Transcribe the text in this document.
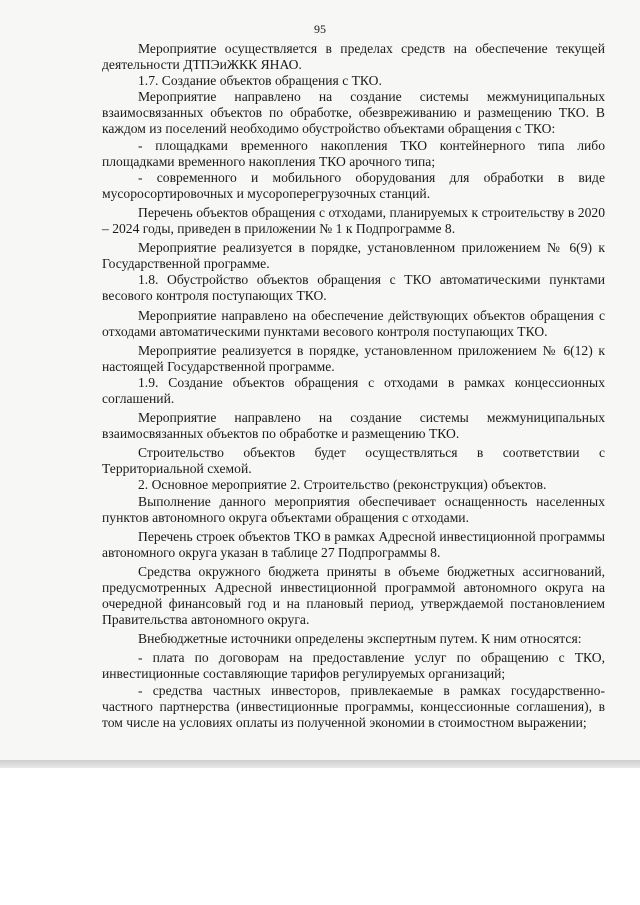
95

Мероприятие осуществляется в пределах средств на обеспечение текущей деятельности ДТПЭиЖКК ЯНАО.

1.7. Создание объектов обращения с ТКО.

Мероприятие направлено на создание системы межмуниципальных взаимосвязанных объектов по обработке, обезвреживанию и размещению ТКО. В каждом из поселений необходимо обустройство объектами обращения с ТКО:

- площадками временного накопления ТКО контейнерного типа либо площадками временного накопления ТКО арочного типа;

- современного и мобильного оборудования для обработки в виде мусоросортировочных и мусороперегрузочных станций.

Перечень объектов обращения с отходами, планируемых к строительству в 2020 – 2024 годы, приведен в приложении № 1 к Подпрограмме 8.

Мероприятие реализуется в порядке, установленном приложением № 6(9) к Государственной программе.

1.8. Обустройство объектов обращения с ТКО автоматическими пунктами весового контроля поступающих ТКО.

Мероприятие направлено на обеспечение действующих объектов обращения с отходами автоматическими пунктами весового контроля поступающих ТКО.

Мероприятие реализуется в порядке, установленном приложением № 6(12) к настоящей Государственной программе.

1.9. Создание объектов обращения с отходами в рамках концессионных соглашений.

Мероприятие направлено на создание системы межмуниципальных взаимосвязанных объектов по обработке и размещению ТКО.

Строительство объектов будет осуществляться в соответствии с Территориальной схемой.

2. Основное мероприятие 2. Строительство (реконструкция) объектов.

Выполнение данного мероприятия обеспечивает оснащенность населенных пунктов автономного округа объектами обращения с отходами.

Перечень строек объектов ТКО в рамках Адресной инвестиционной программы автономного округа указан в таблице 27 Подпрограммы 8.

Средства окружного бюджета приняты в объеме бюджетных ассигнований, предусмотренных Адресной инвестиционной программой автономного округа на очередной финансовый год и на плановый период, утверждаемой постановлением Правительства автономного округа.

Внебюджетные источники определены экспертным путем. К ним относятся:

- плата по договорам на предоставление услуг по обращению с ТКО, инвестиционные составляющие тарифов регулируемых организаций;

- средства частных инвесторов, привлекаемые в рамках государственно-частного партнерства (инвестиционные программы, концессионные соглашения), в том числе на условиях оплаты из полученной экономии в стоимостном выражении;
